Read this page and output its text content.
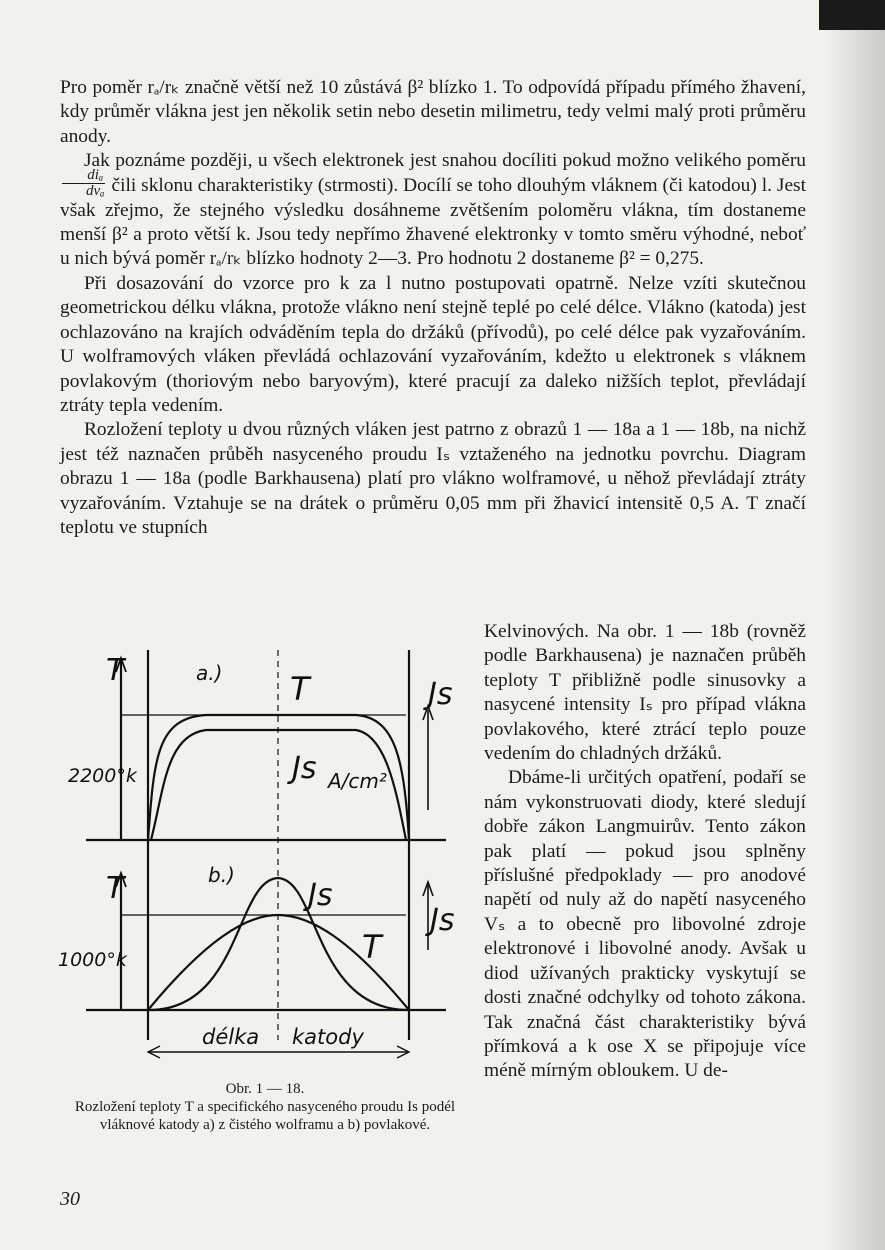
Pro poměr rₐ/rₖ značně větší než 10 zůstává β² blízko 1. To odpovídá případu přímého žhavení, kdy průměr vlákna jest jen několik setin nebo desetin milimetru, tedy velmi malý proti průměru anody.

Jak poznáme později, u všech elektronek jest snahou docíliti pokud možno velikého poměru
$\frac{\text{diₐ}}{\text{dvₐ}}$ čili sklonu charakteristiky (strmosti). Docílí se toho dlouhým vláknem (či katodou) l. Jest však zřejmo, že stejného výsledku dosáhneme zvětšením poloměru vlákna, tím dostaneme menší β² a proto větší k. Jsou tedy nepřímo žhavené elektronky v tomto směru výhodné, neboť u nich bývá poměr rₐ/rₖ blízko hodnoty 2—3. Pro hodnotu 2 dostaneme β² = 0,275.

Při dosazování do vzorce pro k za l nutno postupovati opatrně. Nelze vzíti skutečnou geometrickou délku vlákna, protože vlákno není stejně teplé po celé délce. Vlákno (katoda) jest ochlazováno na krajích odváděním tepla do držáků (přívodů), po celé délce pak vyzařováním. U wolframových vláken převládá ochlazování vyzařováním, kdežto u elektronek s vláknem povlakovým (thoriovým nebo baryovým), které pracují za daleko nižších teplot, převládají ztráty tepla vedením.

Rozložení teploty u dvou různých vláken jest patrno z obrazů 1 — 18a a 1 — 18b, na nichž jest též naznačen průběh nasyceného proudu Iₛ vztaženého na jednotku povrchu. Diagram obrazu 1 — 18a (podle Barkhausena) platí pro vlákno wolframové, u něhož převládají ztráty vyzařováním. Vztahuje se na drátek o průměru 0,05 mm při žhavicí intensitě 0,5 A. T značí teplotu ve stupních

T	a.) T
Js A/cm²
Js
2200°k
T	b.)
Js
T
Js
1000°k
délka katody

Kelvinových. Na obr. 1 — 18b (rovněž podle Barkhausena) je naznačen průběh teploty T přibližně podle sinusovky a nasycené intensity Iₛ pro případ vlákna povlakového, které ztrácí teplo pouze vedením do chladných držáků.

Dbáme-li určitých opatření, podaří se nám vykonstruovati diody, které sledují dobře zákon Langmuirův. Tento zákon pak platí — pokud jsou splněny příslušné předpoklady — pro anodové napětí od nuly až do napětí nasyceného Vₛ a to obecně pro libovolné zdroje elektronové i libovolné anody. Avšak u diod užívaných prakticky vyskytují se dosti značné odchylky od tohoto zákona. Tak značná část charakteristiky bývá přímková a k ose X se připojuje více méně mírným obloukem. U de-

Obr. 1 — 18.
Rozložení teploty T a specifického nasyceného proudu Is podél vláknové katody a) z čistého wolframu a b) povlakové.
30
